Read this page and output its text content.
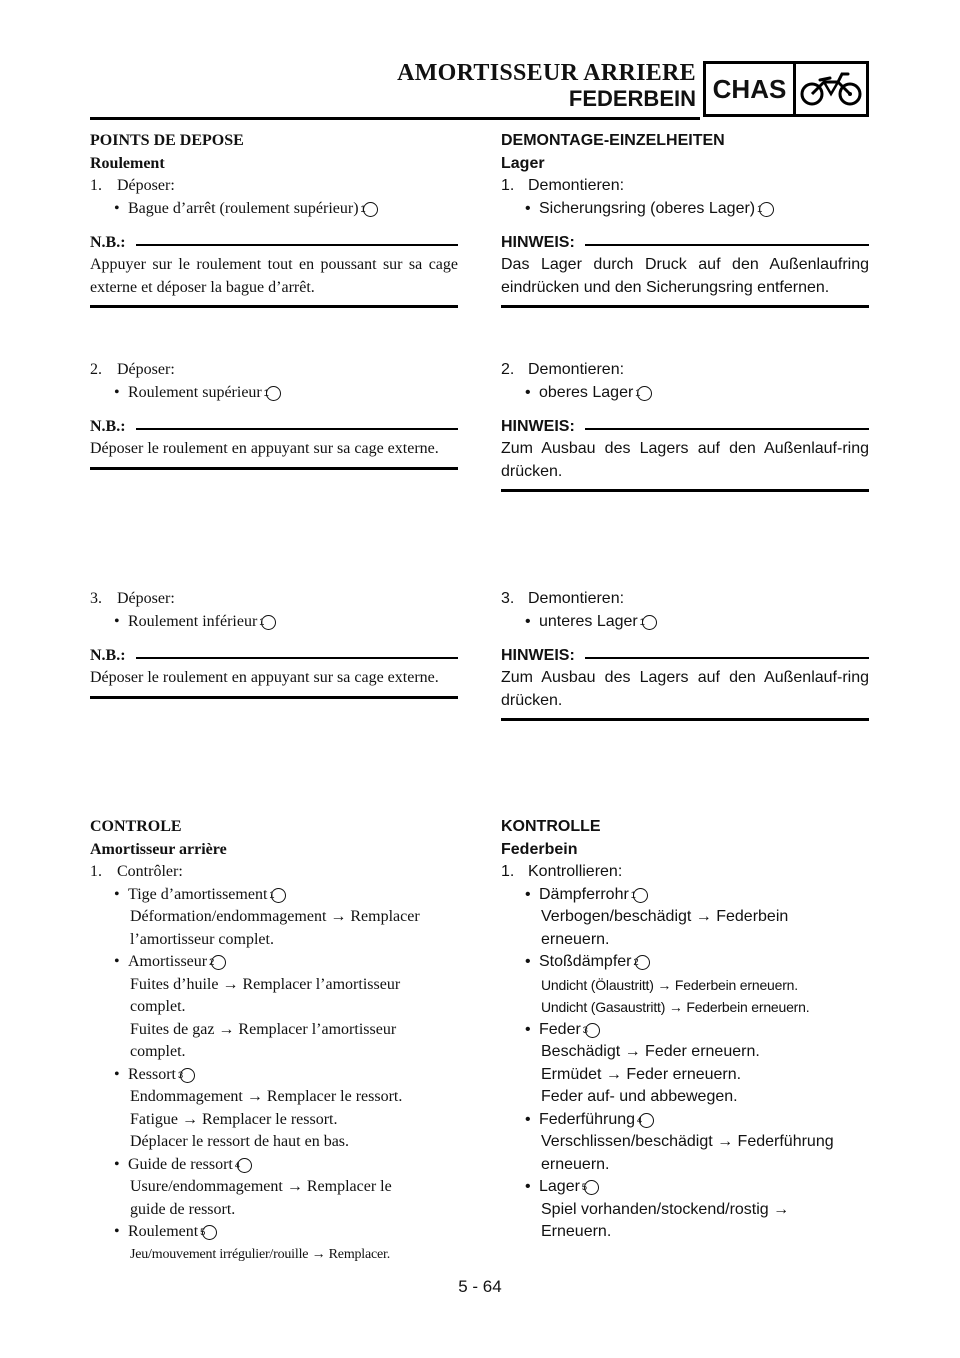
AMORTISSEUR ARRIERE
FEDERBEIN CHAS
POINTS DE DEPOSE
Roulement
1. Déposer:
• Bague d’arrêt (roulement supérieur) 1
N.B.:
Appuyer sur le roulement tout en poussant sur sa cage externe et déposer la bague d’arrêt.
2. Déposer:
• Roulement supérieur 1
N.B.:
Déposer le roulement en appuyant sur sa cage externe.
3. Déposer:
• Roulement inférieur 1
N.B.:
Déposer le roulement en appuyant sur sa cage externe.
CONTROLE
Amortisseur arrière
1. Contrôler:
• Tige d’amortissement 1
Déformation/endommagement → Remplacer
l’amortisseur complet.
• Amortisseur 2
Fuites d’huile → Remplacer l’amortisseur
complet.
Fuites de gaz → Remplacer l’amortisseur
complet.
• Ressort 3
Endommagement → Remplacer le ressort.
Fatigue → Remplacer le ressort.
Déplacer le ressort de haut en bas.
• Guide de ressort 4
Usure/endommagement → Remplacer le
guide de ressort.
• Roulement 5
Jeu/mouvement irrégulier/rouille → Remplacer.
DEMONTAGE-EINZELHEITEN
Lager
1. Demontieren:
• Sicherungsring (oberes Lager) 1
HINWEIS:
Das Lager durch Druck auf den Außenlaufring eindrücken und den Sicherungsring entfernen.
2. Demontieren:
• oberes Lager 1
HINWEIS:
Zum Ausbau des Lagers auf den Außenlauf-ring drücken.
3. Demontieren:
• unteres Lager 1
HINWEIS:
Zum Ausbau des Lagers auf den Außenlauf-ring drücken.
KONTROLLE
Federbein
1. Kontrollieren:
• Dämpferrohr 1
Verbogen/beschädigt → Federbein
erneuern.
• Stoßdämpfer 2
Undicht (Ölaustritt) → Federbein erneuern.
Undicht (Gasaustritt) → Federbein erneuern.
• Feder 3
Beschädigt → Feder erneuern.
Ermüdet → Feder erneuern.
Feder auf- und abbewegen.
• Federführung 4
Verschlissen/beschädigt → Federführung
erneuern.
• Lager 5
Spiel vorhanden/stockend/rostig →
Erneuern.
5 - 64
